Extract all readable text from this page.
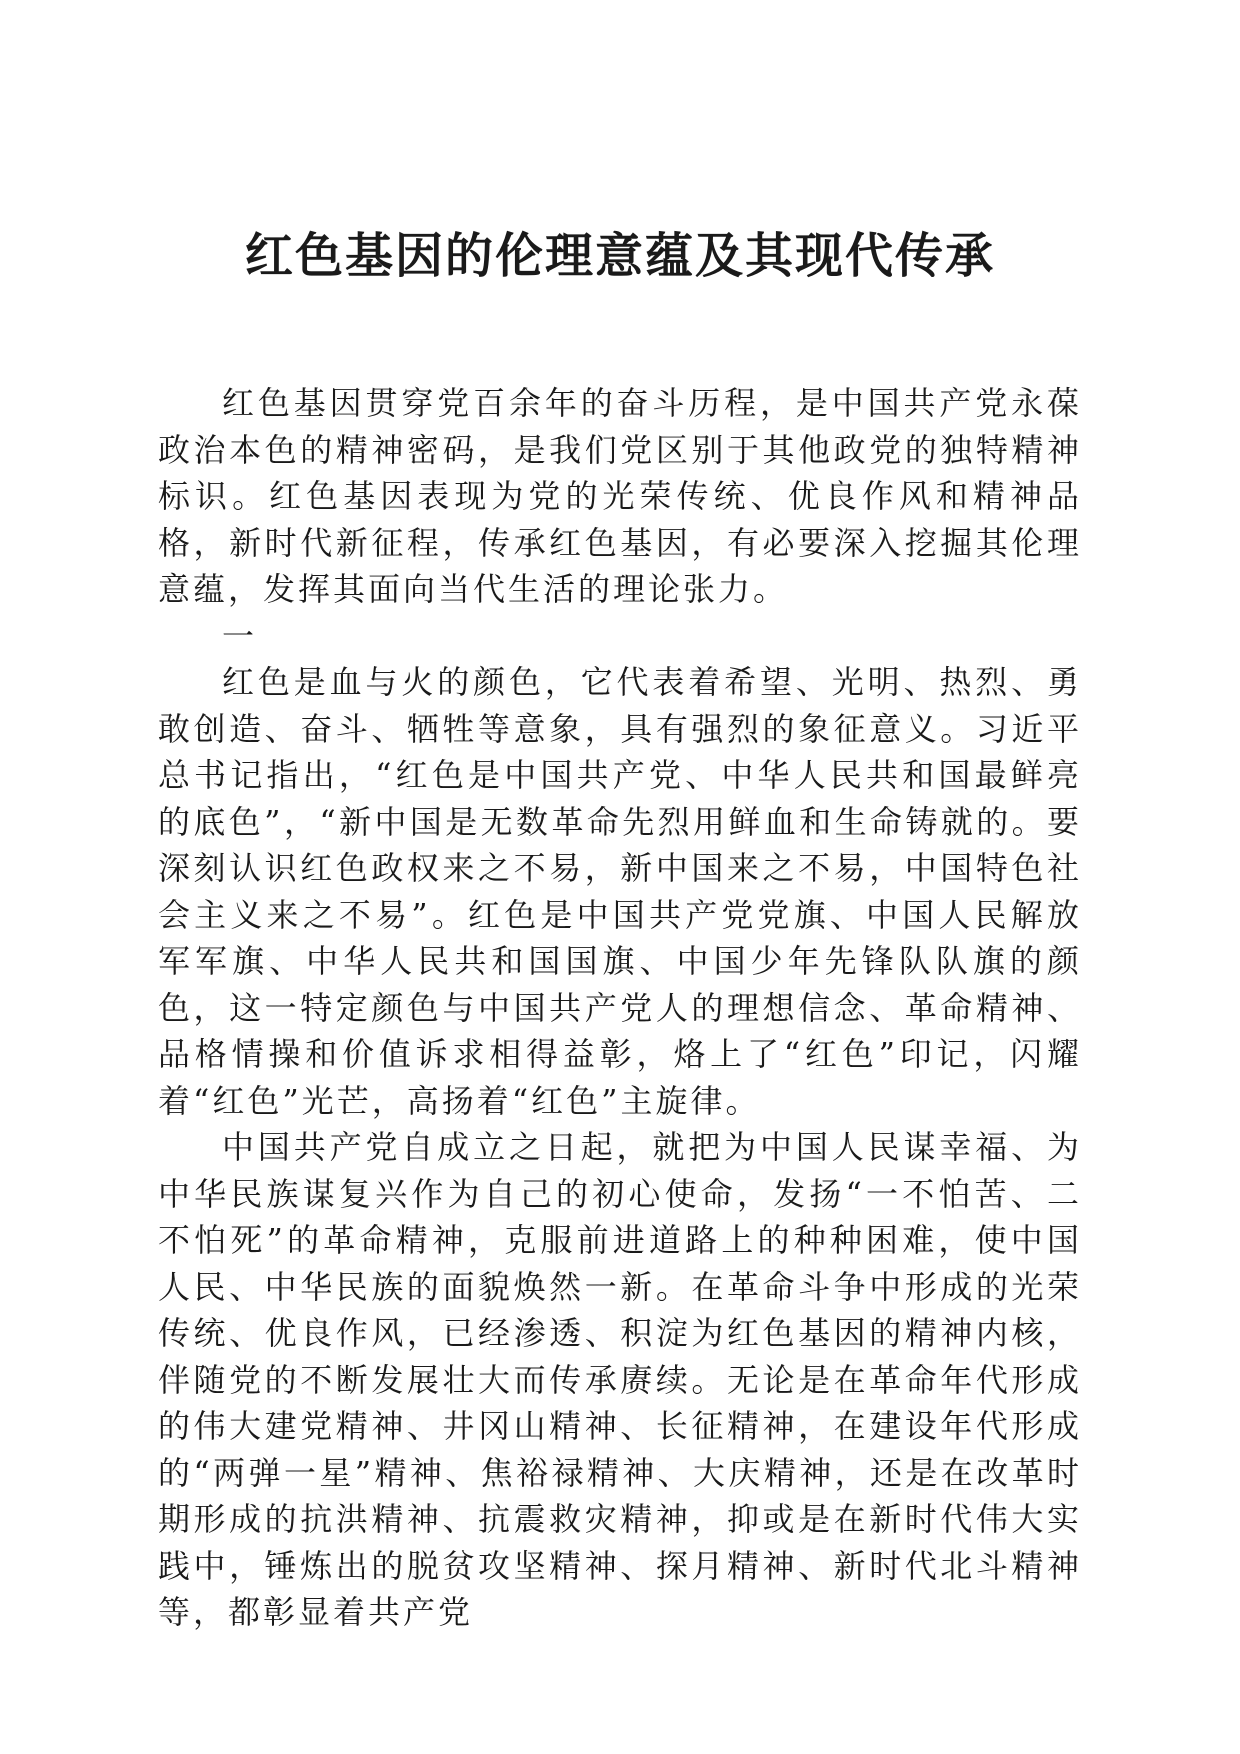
红色基因的伦理意蕴及其现代传承

红色基因贯穿党百余年的奋斗历程，是中国共产党永葆政治本色的精神密码，是我们党区别于其他政党的独特精神标识。红色基因表现为党的光荣传统、优良作风和精神品格，新时代新征程，传承红色基因，有必要深入挖掘其伦理意蕴，发挥其面向当代生活的理论张力。

一

红色是血与火的颜色，它代表着希望、光明、热烈、勇敢创造、奋斗、牺牲等意象，具有强烈的象征意义。习近平总书记指出，“红色是中国共产党、中华人民共和国最鲜亮的底色”，“新中国是无数革命先烈用鲜血和生命铸就的。要深刻认识红色政权来之不易，新中国来之不易，中国特色社会主义来之不易”。红色是中国共产党党旗、中国人民解放军军旗、中华人民共和国国旗、中国少年先锋队队旗的颜色，这一特定颜色与中国共产党人的理想信念、革命精神、品格情操和价值诉求相得益彰，烙上了“红色”印记，闪耀着“红色”光芒，高扬着“红色”主旋律。

中国共产党自成立之日起，就把为中国人民谋幸福、为中华民族谋复兴作为自己的初心使命，发扬“一不怕苦、二不怕死”的革命精神，克服前进道路上的种种困难，使中国人民、中华民族的面貌焕然一新。在革命斗争中形成的光荣传统、优良作风，已经渗透、积淀为红色基因的精神内核，伴随党的不断发展壮大而传承赓续。无论是在革命年代形成的伟大建党精神、井冈山精神、长征精神，在建设年代形成的“两弹一星”精神、焦裕禄精神、大庆精神，还是在改革时期形成的抗洪精神、抗震救灾精神，抑或是在新时代伟大实践中，锤炼出的脱贫攻坚精神、探月精神、新时代北斗精神等，都彰显着共产党
